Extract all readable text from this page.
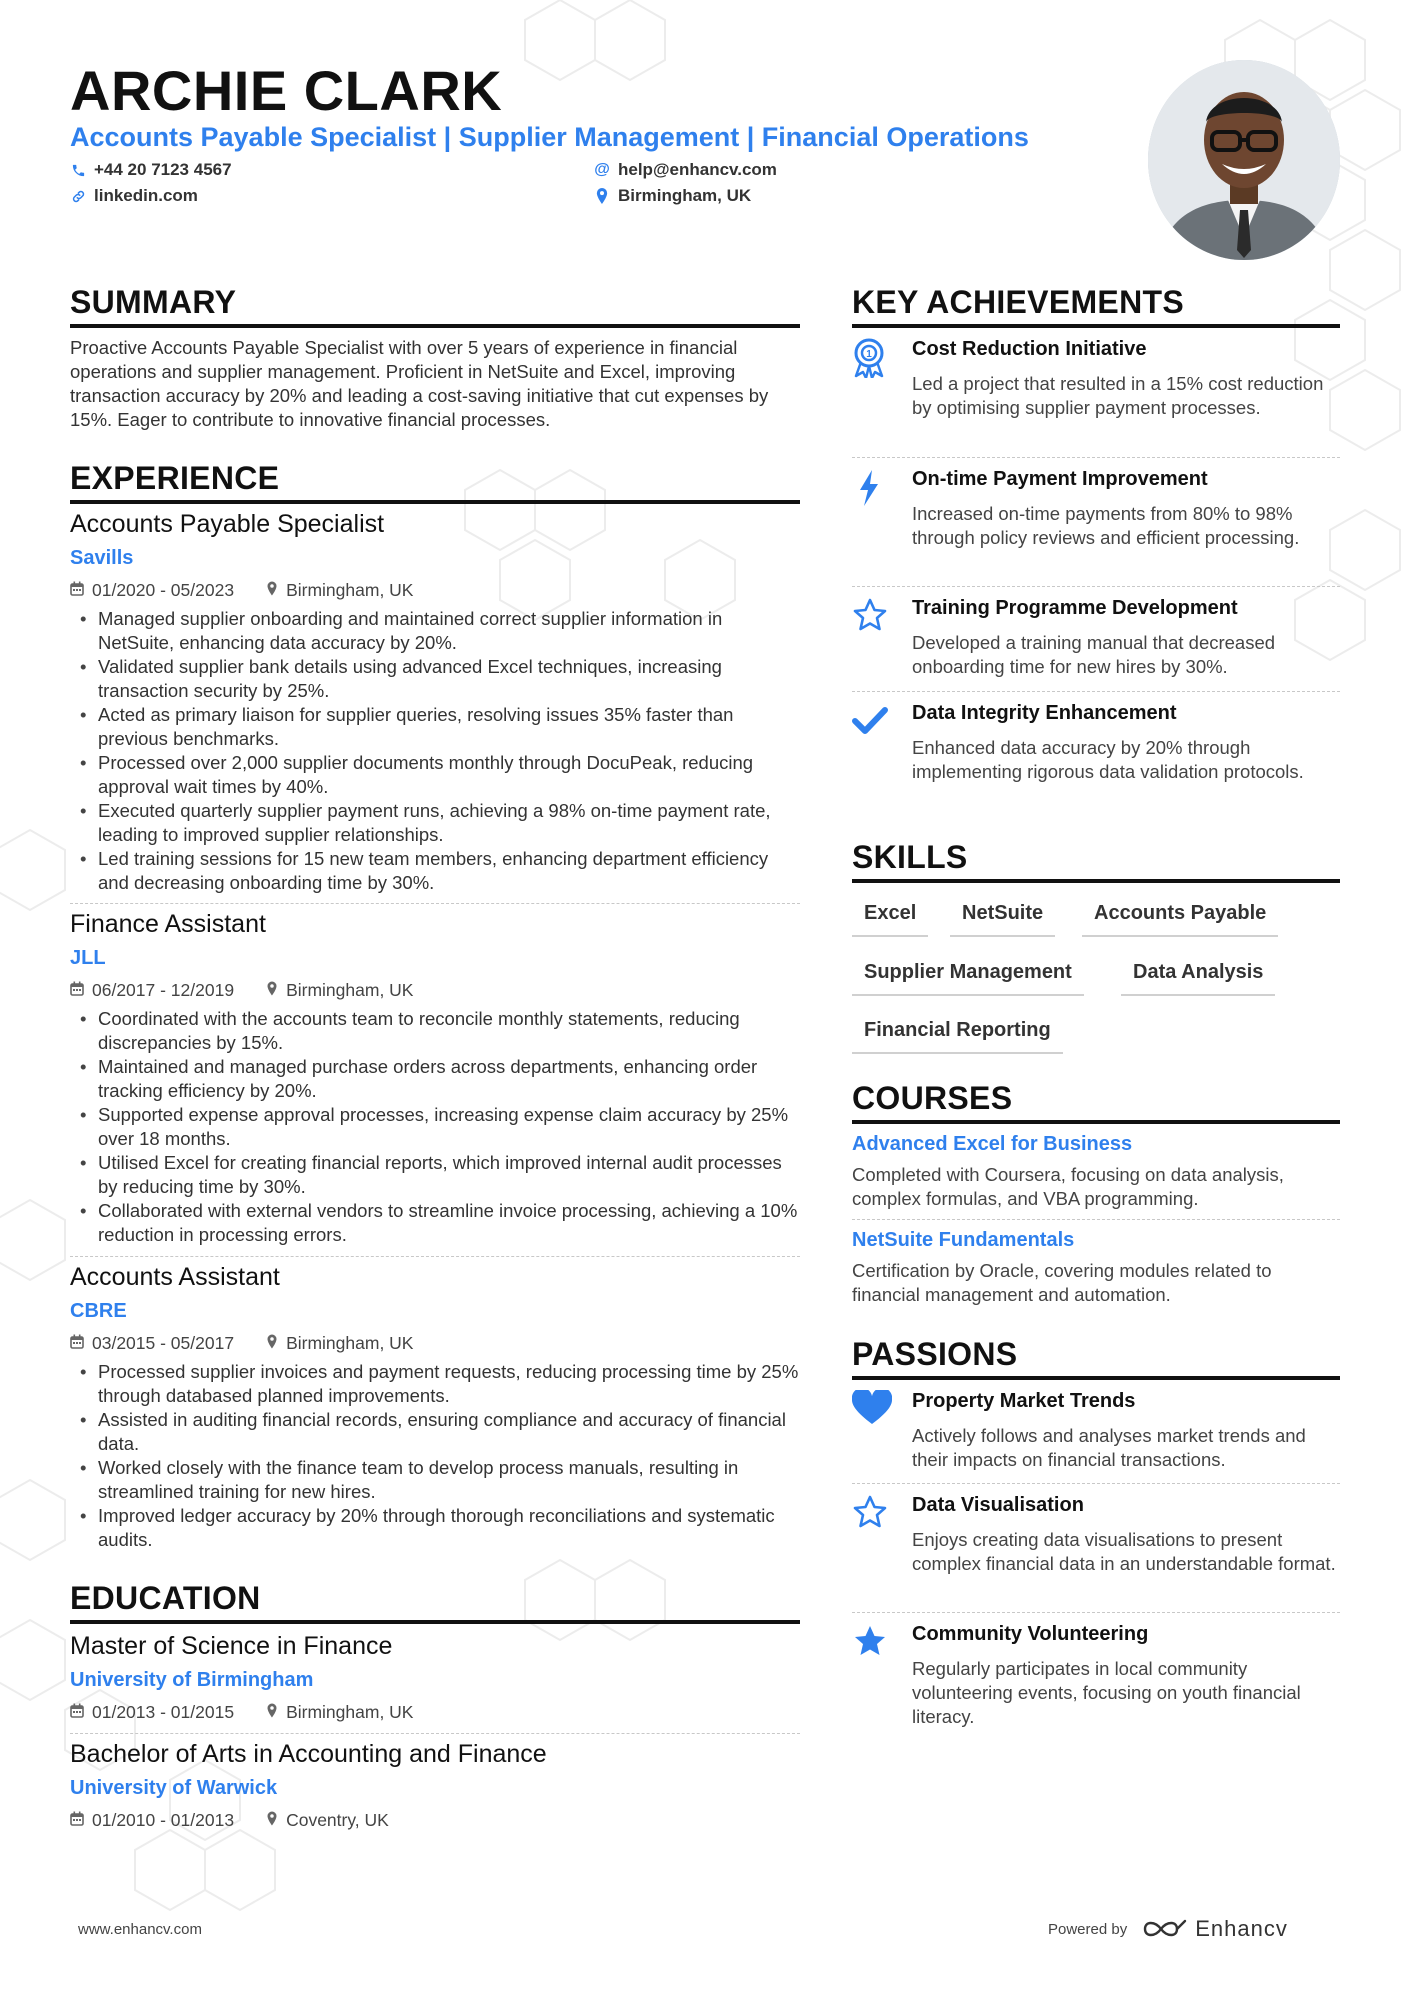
ARCHIE CLARK
Accounts Payable Specialist | Supplier Management | Financial Operations
+44 20 7123 4567
linkedin.com
@ help@enhancv.com
Birmingham, UK
SUMMARY
Proactive Accounts Payable Specialist with over 5 years of experience in financial operations and supplier management. Proficient in NetSuite and Excel, improving transaction accuracy by 20% and leading a cost-saving initiative that cut expenses by 15%. Eager to contribute to innovative financial processes.
EXPERIENCE
Accounts Payable Specialist
Savills
01/2020 - 05/2023	Birmingham, UK
• Managed supplier onboarding and maintained correct supplier information in NetSuite, enhancing data accuracy by 20%.
• Validated supplier bank details using advanced Excel techniques, increasing transaction security by 25%.
• Acted as primary liaison for supplier queries, resolving issues 35% faster than previous benchmarks.
• Processed over 2,000 supplier documents monthly through DocuPeak, reducing approval wait times by 40%.
• Executed quarterly supplier payment runs, achieving a 98% on-time payment rate, leading to improved supplier relationships.
• Led training sessions for 15 new team members, enhancing department efficiency and decreasing onboarding time by 30%.
Finance Assistant
JLL
06/2017 - 12/2019	Birmingham, UK
• Coordinated with the accounts team to reconcile monthly statements, reducing discrepancies by 15%.
• Maintained and managed purchase orders across departments, enhancing order tracking efficiency by 20%.
• Supported expense approval processes, increasing expense claim accuracy by 25% over 18 months.
• Utilised Excel for creating financial reports, which improved internal audit processes by reducing time by 30%.
• Collaborated with external vendors to streamline invoice processing, achieving a 10% reduction in processing errors.
Accounts Assistant
CBRE
03/2015 - 05/2017	Birmingham, UK
• Processed supplier invoices and payment requests, reducing processing time by 25% through databased planned improvements.
• Assisted in auditing financial records, ensuring compliance and accuracy of financial data.
• Worked closely with the finance team to develop process manuals, resulting in streamlined training for new hires.
• Improved ledger accuracy by 20% through thorough reconciliations and systematic audits.
EDUCATION
Master of Science in Finance
University of Birmingham
01/2013 - 01/2015	Birmingham, UK
Bachelor of Arts in Accounting and Finance
University of Warwick
01/2010 - 01/2013	Coventry, UK
KEY ACHIEVEMENTS
1 Cost Reduction Initiative
Led a project that resulted in a 15% cost reduction by optimising supplier payment processes.
On-time Payment Improvement
Increased on-time payments from 80% to 98% through policy reviews and efficient processing.
Training Programme Development
Developed a training manual that decreased onboarding time for new hires by 30%.
Data Integrity Enhancement
Enhanced data accuracy by 20% through implementing rigorous data validation protocols.
SKILLS
Excel	NetSuite	Accounts Payable
Supplier Management	Data Analysis
Financial Reporting
COURSES
Advanced Excel for Business
Completed with Coursera, focusing on data analysis, complex formulas, and VBA programming.
NetSuite Fundamentals
Certification by Oracle, covering modules related to financial management and automation.
PASSIONS
Property Market Trends
Actively follows and analyses market trends and their impacts on financial transactions.
Data Visualisation
Enjoys creating data visualisations to present complex financial data in an understandable format.
Community Volunteering
Regularly participates in local community volunteering events, focusing on youth financial literacy.
www.enhancv.com	Powered by	Enhancv
